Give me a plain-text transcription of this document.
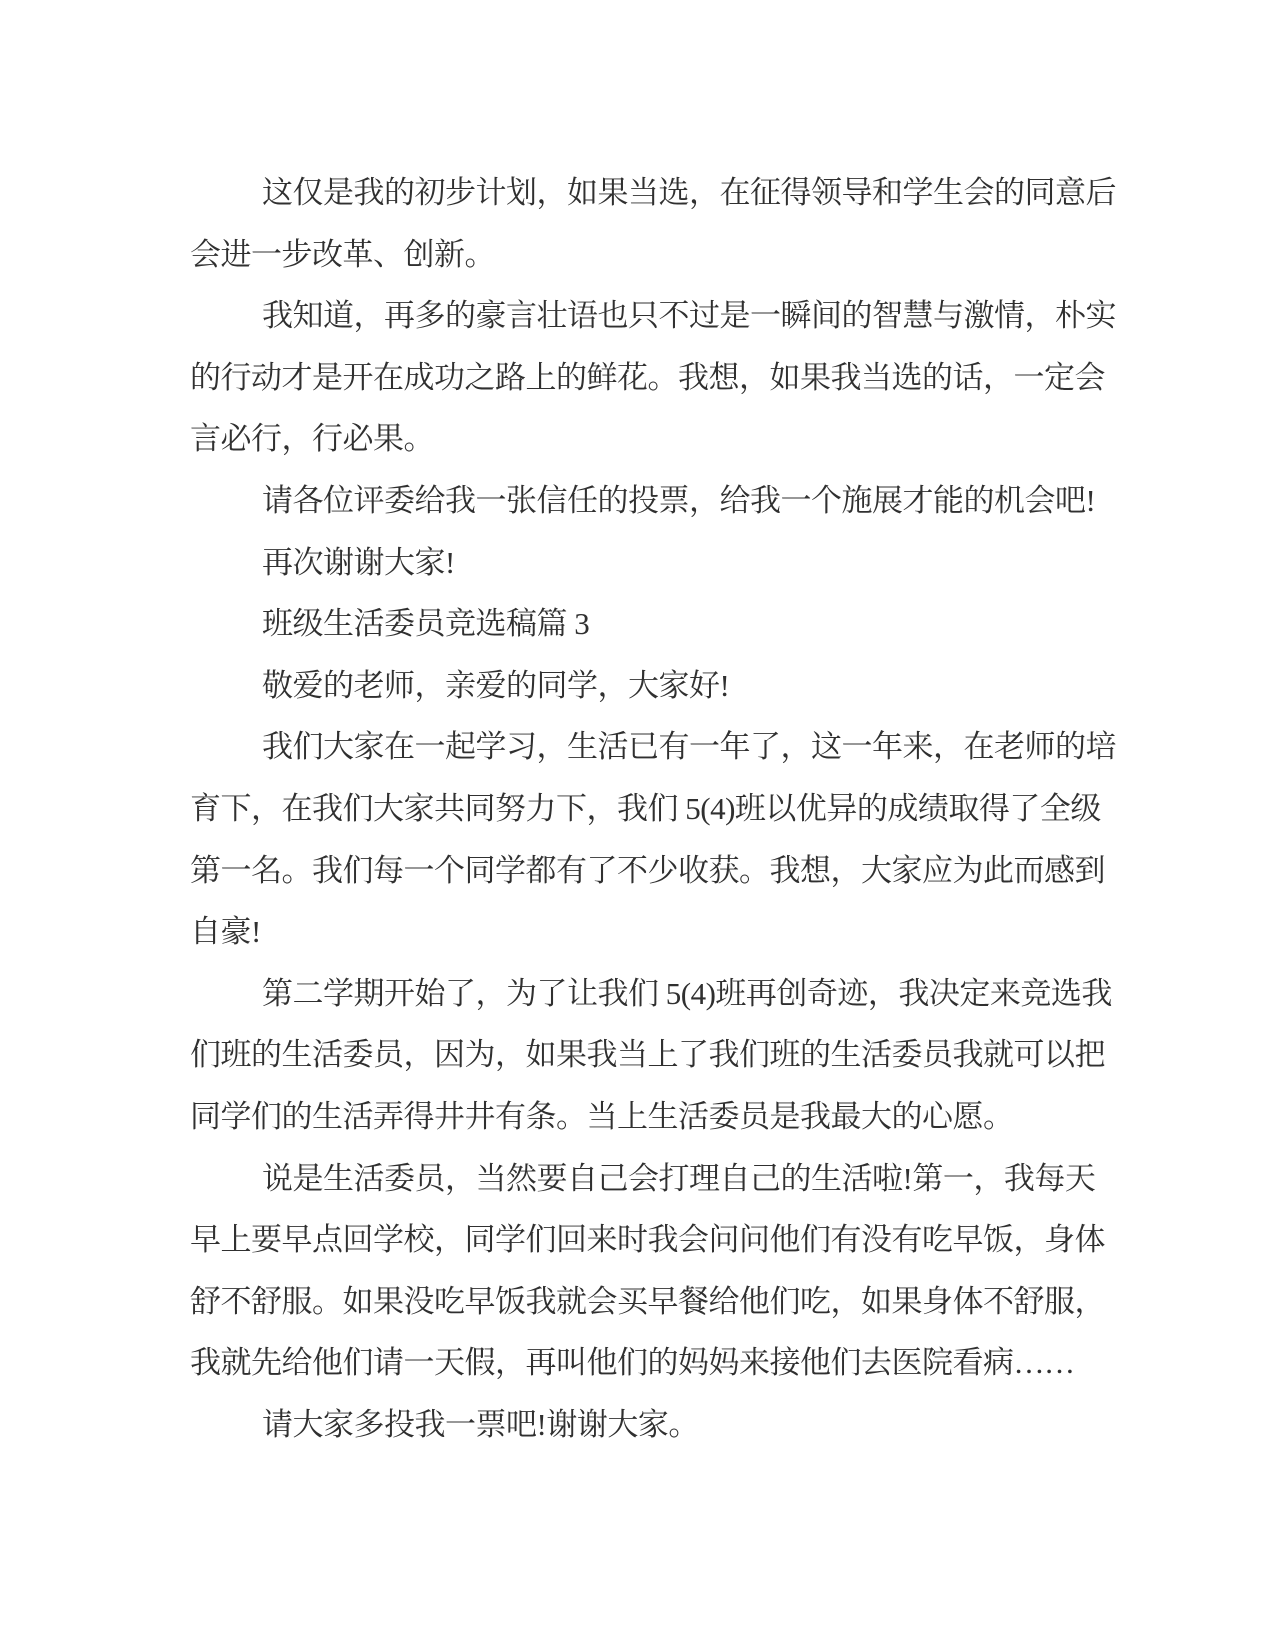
这仅是我的初步计划，如果当选，在征得领导和学生会的同意后
会进一步改革、创新。
我知道，再多的豪言壮语也只不过是一瞬间的智慧与激情，朴实
的行动才是开在成功之路上的鲜花。我想，如果我当选的话，一定会
言必行，行必果。
请各位评委给我一张信任的投票，给我一个施展才能的机会吧!
再次谢谢大家!
班级生活委员竞选稿篇 3
敬爱的老师，亲爱的同学，大家好!
我们大家在一起学习，生活已有一年了，这一年来，在老师的培
育下，在我们大家共同努力下，我们 5(4)班以优异的成绩取得了全级
第一名。我们每一个同学都有了不少收获。我想，大家应为此而感到
自豪!
第二学期开始了，为了让我们 5(4)班再创奇迹，我决定来竞选我
们班的生活委员，因为，如果我当上了我们班的生活委员我就可以把
同学们的生活弄得井井有条。当上生活委员是我最大的心愿。
说是生活委员，当然要自己会打理自己的生活啦!第一，我每天
早上要早点回学校，同学们回来时我会问问他们有没有吃早饭，身体
舒不舒服。如果没吃早饭我就会买早餐给他们吃，如果身体不舒服，
我就先给他们请一天假，再叫他们的妈妈来接他们去医院看病……
请大家多投我一票吧!谢谢大家。
